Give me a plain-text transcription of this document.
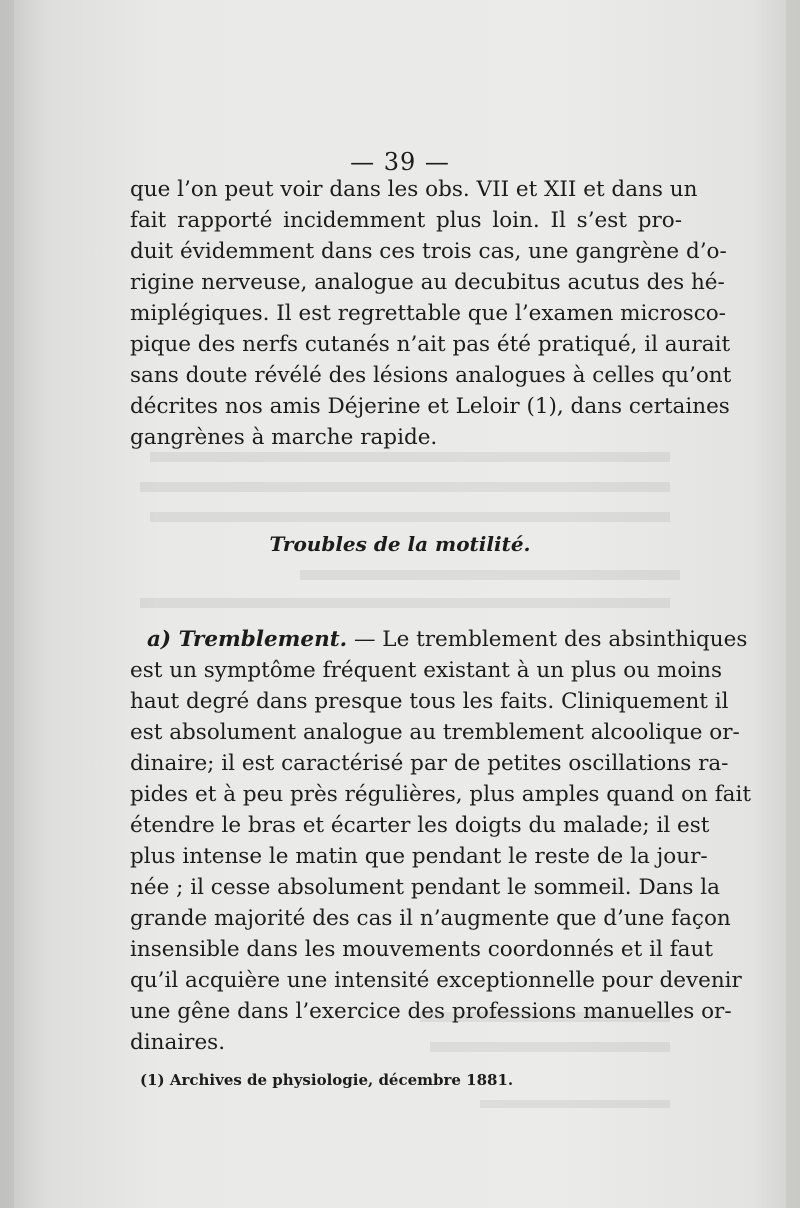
— 39 —
que l’on peut voir dans les obs. VII et XII et dans un
fait rapporté incidemment plus loin. Il s’est pro-
duit évidemment dans ces trois cas, une gangrène d’o-
rigine nerveuse, analogue au decubitus acutus des hé-
miplégiques. Il est regrettable que l’examen microsco-
pique des nerfs cutanés n’ait pas été pratiqué, il aurait
sans doute révélé des lésions analogues à celles qu’ont
décrites nos amis Déjerine et Leloir (1), dans certaines
gangrènes à marche rapide.
Troubles de la motilité.
a) Tremblement. — Le tremblement des absinthiques
est un symptôme fréquent existant à un plus ou moins
haut degré dans presque tous les faits. Cliniquement il
est absolument analogue au tremblement alcoolique or-
dinaire; il est caractérisé par de petites oscillations ra-
pides et à peu près régulières, plus amples quand on fait
étendre le bras et écarter les doigts du malade; il est
plus intense le matin que pendant le reste de la jour-
née ; il cesse absolument pendant le sommeil. Dans la
grande majorité des cas il n’augmente que d’une façon
insensible dans les mouvements coordonnés et il faut
qu’il acquière une intensité exceptionnelle pour devenir
une gêne dans l’exercice des professions manuelles or-
dinaires.
(1) Archives de physiologie, décembre 1881.
